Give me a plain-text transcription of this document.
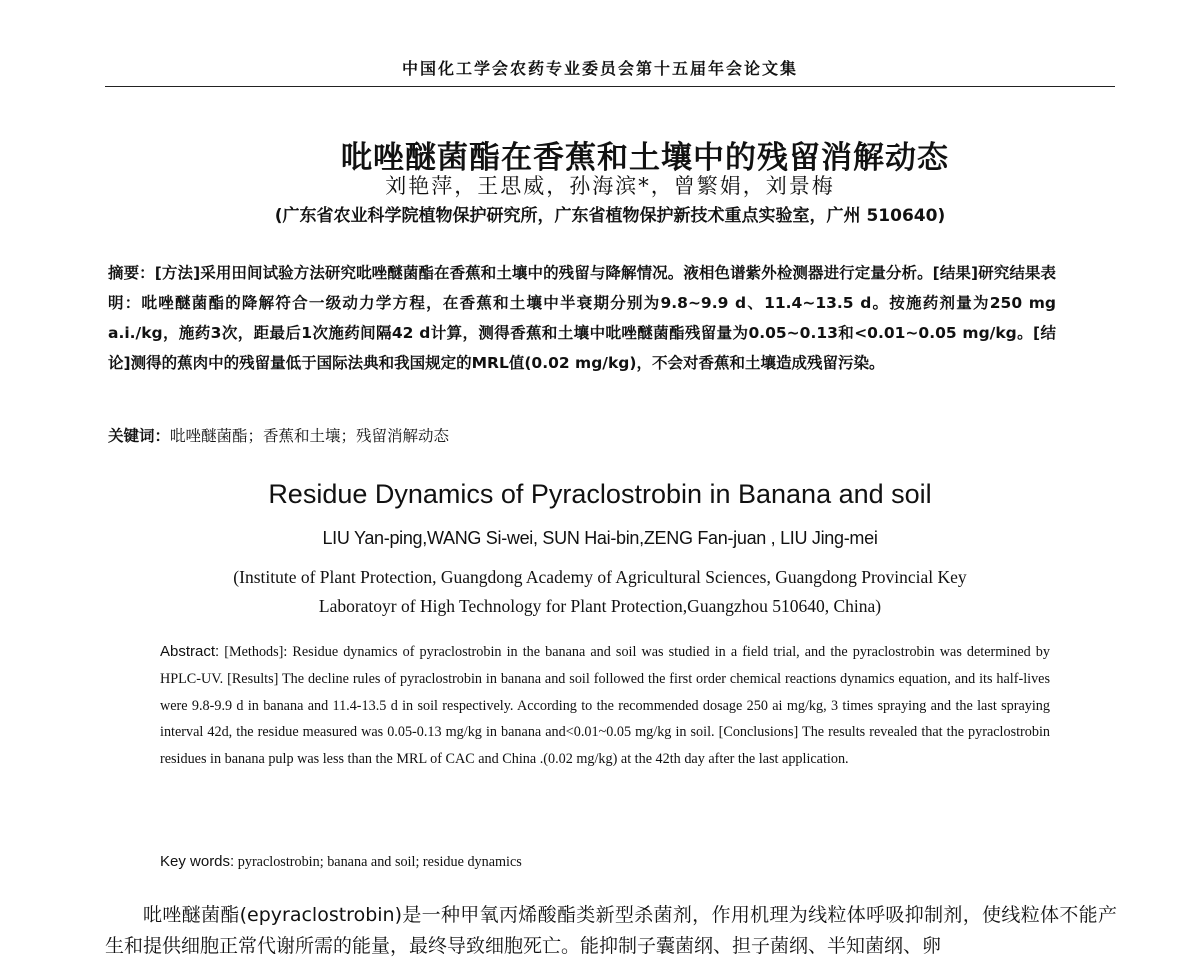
中国化工学会农药专业委员会第十五届年会论文集
吡唑醚菌酯在香蕉和土壤中的残留消解动态
刘艳萍，王思威，孙海滨*，曾繁娟，刘景梅
(广东省农业科学院植物保护研究所，广东省植物保护新技术重点实验室，广州 510640)
摘要：[方法]采用田间试验方法研究吡唑醚菌酯在香蕉和土壤中的残留与降解情况。液相色谱紫外检测器进行定量分析。[结果]研究结果表明：吡唑醚菌酯的降解符合一级动力学方程，在香蕉和土壤中半衰期分别为9.8~9.9 d、11.4~13.5 d。按施药剂量为250 mg a.i./kg，施药3次，距最后1次施药间隔42 d计算，测得香蕉和土壤中吡唑醚菌酯残留量为0.05~0.13和<0.01~0.05 mg/kg。[结论]测得的蕉肉中的残留量低于国际法典和我国规定的MRL值(0.02 mg/kg)，不会对香蕉和土壤造成残留污染。
关键词：吡唑醚菌酯；香蕉和土壤；残留消解动态
Residue Dynamics of Pyraclostrobin in Banana and soil
LIU Yan-ping,WANG Si-wei, SUN Hai-bin,ZENG Fan-juan , LIU Jing-mei
(Institute of Plant Protection, Guangdong Academy of Agricultural Sciences, Guangdong Provincial Key
Laboratoyr of High Technology for Plant Protection,Guangzhou 510640, China)
Abstract: [Methods]: Residue dynamics of pyraclostrobin in the banana and soil was studied in a field trial, and the pyraclostrobin was determined by HPLC-UV. [Results] The decline rules of pyraclostrobin in banana and soil followed the first order chemical reactions dynamics equation, and its half-lives were 9.8-9.9 d in banana and 11.4-13.5 d in soil respectively. According to the recommended dosage 250 ai mg/kg, 3 times spraying and the last spraying interval 42d, the residue measured was 0.05-0.13 mg/kg in banana and<0.01~0.05 mg/kg in soil. [Conclusions] The results revealed that the pyraclostrobin residues in banana pulp was less than the MRL of CAC and China .(0.02 mg/kg) at the 42th day after the last application.
Key words: pyraclostrobin; banana and soil; residue dynamics
吡唑醚菌酯(epyraclostrobin)是一种甲氧丙烯酸酯类新型杀菌剂，作用机理为线粒体呼吸抑制剂，使线粒体不能产生和提供细胞正常代谢所需的能量，最终导致细胞死亡。能抑制子囊菌纲、担子菌纲、半知菌纲、卵
